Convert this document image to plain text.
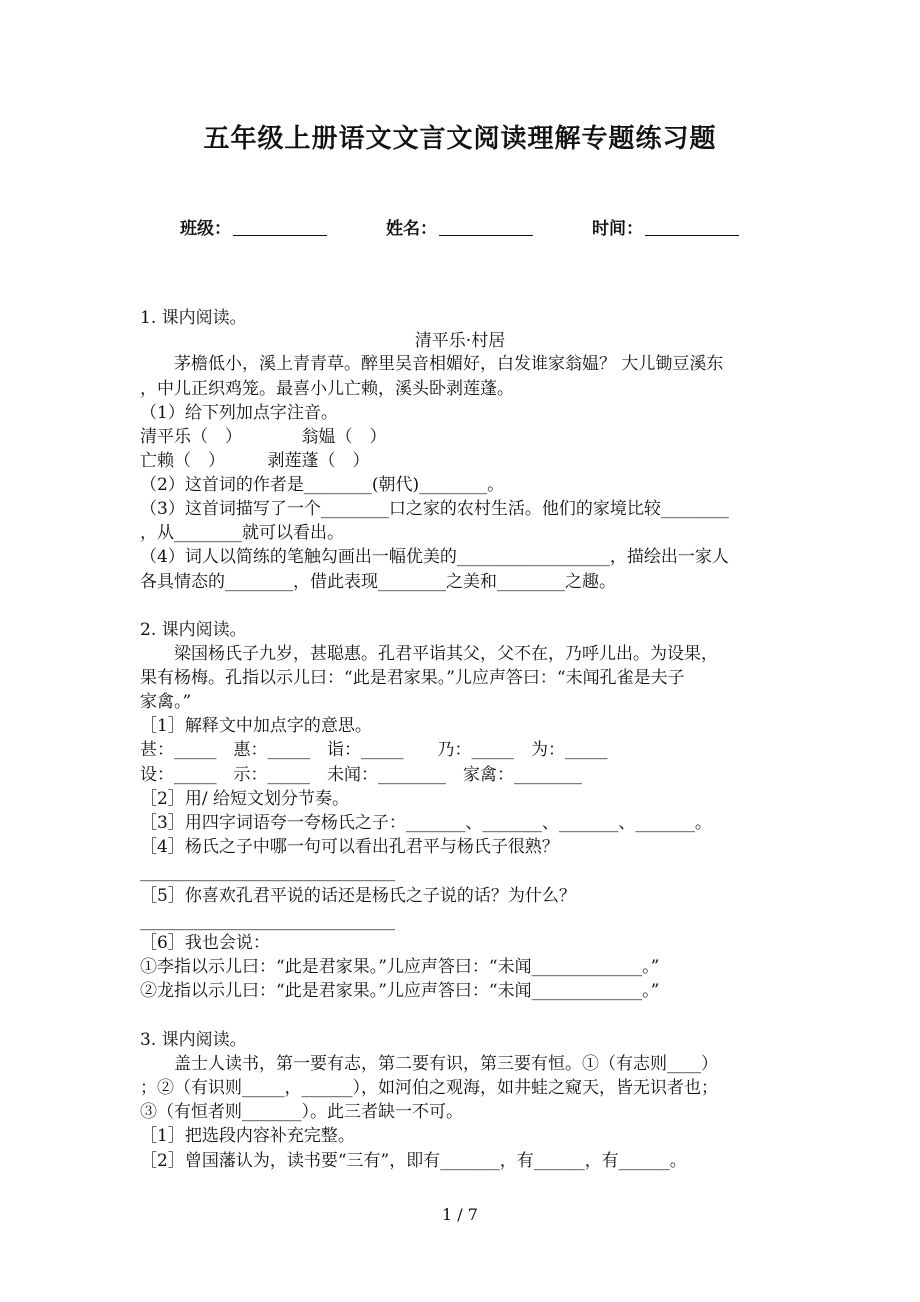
五年级上册语文文言文阅读理解专题练习题
班级：	姓名：	时间：
1. 课内阅读。
清平乐·村居
　　茅檐低小，溪上青青草。醉里吴音相媚好，白发谁家翁媪？ 大儿锄豆溪东
，中儿正织鸡笼。最喜小儿亡赖，溪头卧剥莲蓬。
（1）给下列加点字注音。
清平乐（　）　　　　翁媪（　）
亡赖（　）　　　剥莲蓬（　）
（2）这首词的作者是________(朝代)________。
（3）这首词描写了一个________口之家的农村生活。他们的家境比较________
，从________就可以看出。
（4）词人以简练的笔触勾画出一幅优美的__________________，描绘出一家人
各具情态的________，借此表现________之美和________之趣。
2. 课内阅读。
　　梁国杨氏子九岁，甚聪惠。孔君平诣其父，父不在，乃呼儿出。为设果，
果有杨梅。孔指以示儿曰：“此是君家果。”儿应声答曰：“未闻孔雀是夫子
家禽。”
［1］解释文中加点字的意思。
甚：_____　惠：_____　诣：_____　　乃：_____　为：_____
设：_____　示：_____　未闻：________　家禽：________
［2］用/ 给短文划分节奏。
［3］用四字词语夸一夸杨氏之子：_______、_______、_______、_______。
［4］杨氏之子中哪一句可以看出孔君平与杨氏子很熟？
______________________________
［5］你喜欢孔君平说的话还是杨氏之子说的话？为什么？
______________________________
［6］我也会说：
①李指以示儿曰：“此是君家果。”儿应声答曰：“未闻_____________。”
②龙指以示儿曰：“此是君家果。”儿应声答曰：“未闻_____________。”
3. 课内阅读。
　　盖士人读书，第一要有志，第二要有识，第三要有恒。①（有志则____）
；②（有识则_____，______），如河伯之观海，如井蛙之窥天，皆无识者也；
③（有恒者则_______）。此三者缺一不可。
［1］把选段内容补充完整。
［2］曾国藩认为，读书要“三有”，即有_______，有______，有______。
1 / 7
